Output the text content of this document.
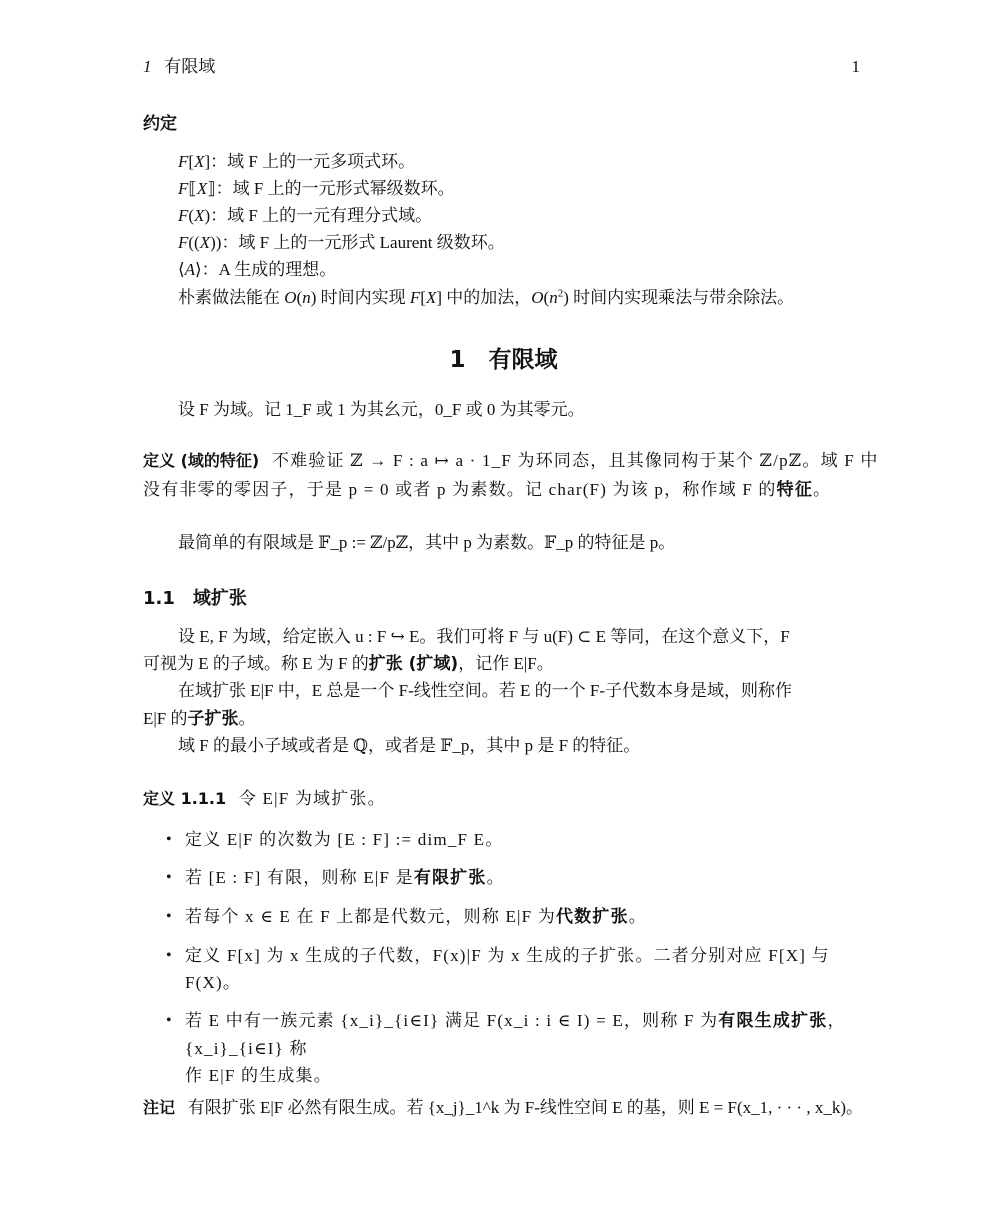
1 有限域	1
约定
F[X]：域 F 上的一元多项式环。
F⟦X⟧：域 F 上的一元形式幂级数环。
F(X)：域 F 上的一元有理分式域。
F((X))：域 F 上的一元形式 Laurent 级数环。
⟨A⟩：A 生成的理想。
朴素做法能在 O(n) 时间内实现 F[X] 中的加法，$O(n^2)$ 时间内实现乘法与带余除法。
1 有限域
设 F 为域。记 1_F 或 1 为其幺元，0_F 或 0 为其零元。
定义 (域的特征) 不难验证 ℤ → F : a ↦ a · 1_F 为环同态，且其像同构于某个 ℤ/pℤ。域 F 中
没有非零的零因子，于是 p = 0 或者 p 为素数。记 char(F) 为该 p，称作域 F 的特征。
最简单的有限域是 𝔽_p := ℤ/pℤ，其中 p 为素数。𝔽_p 的特征是 p。
1.1 域扩张
设 E, F 为域，给定嵌入 u : F ↪ E。我们可将 F 与 u(F) ⊂ E 等同，在这个意义下，F
可视为 E 的子域。称 E 为 F 的扩张 (扩域)，记作 E|F。
在域扩张 E|F 中，E 总是一个 F-线性空间。若 E 的一个 F-子代数本身是域，则称作
E|F 的子扩张。
域 F 的最小子域或者是 ℚ，或者是 𝔽_p，其中 p 是 F 的特征。
定义 1.1.1 令 E|F 为域扩张。
• 定义 E|F 的次数为 [E : F] := dim_F E。
• 若 [E : F] 有限，则称 E|F 是有限扩张。
• 若每个 x ∈ E 在 F 上都是代数元，则称 E|F 为代数扩张。
• 定义 F[x] 为 x 生成的子代数，F(x)|F 为 x 生成的子扩张。二者分别对应 F[X] 与
F(X)。
• 若 E 中有一族元素 {x_i}_{i∈I} 满足 F(x_i : i ∈ I) = E，则称 F 为有限生成扩张，{x_i}_{i∈I} 称
作 E|F 的生成集。
注记 有限扩张 E|F 必然有限生成。若 {x_j}_1^k 为 F-线性空间 E 的基，则 E = F(x_1, · · · , x_k)。
